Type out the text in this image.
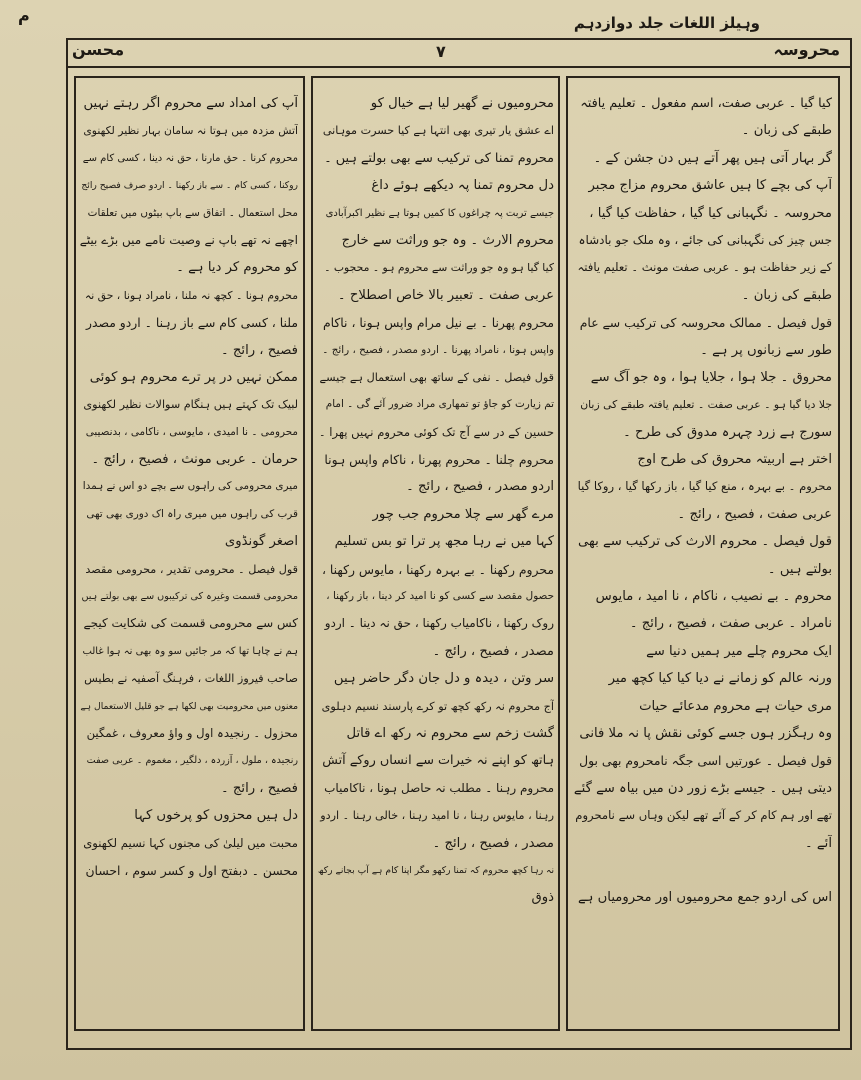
م	وہیلز اللغات جلد دوازدہم
محسن	۷	محروسہ
کیا گیا ۔ عربی صفت، اسم مفعول ۔ تعلیم یافتہ
طبقے کی زبان ۔
گر بہار آتی ہیں پھر آتے ہیں دن جشن کے ۔
آپ کی بچے کا ہیں عاشق محروم مزاج مجبر
محروسہ ۔ نگہبانی کیا گیا ، حفاظت کیا گیا ،
جس چیز کی نگہبانی کی جائے ، وہ ملک جو بادشاہ
کے زیر حفاظت ہو ۔ عربی صفت مونث ۔ تعلیم یافتہ
طبقے کی زبان ۔
قول فیصل ۔ ممالک محروسہ کی ترکیب سے عام
طور سے زبانوں پر ہے ۔
محروق ۔ جلا ہوا ، جلایا ہوا ، وہ جو آگ سے
جلا دیا گیا ہو ۔ عربی صفت ۔ تعلیم یافتہ طبقے کی زبان
سورج ہے زرد چہرہ مدوق کی طرح ۔
اختر ہے اربیتہ محروق کی طرح اوج
محروم ۔ بے بہرہ ، منع کیا گیا ، باز رکھا گیا ، روکا گیا
عربی صفت ، فصیح ، رائج ۔
قول فیصل ۔ محروم الارث کی ترکیب سے بھی
بولتے ہیں ۔
محروم ۔ بے نصیب ، ناکام ، نا امید ، مایوس
نامراد ۔ عربی صفت ، فصیح ، رائج ۔
ایک محروم چلے میر ہمیں دنیا سے
ورنہ عالم کو زمانے نے دیا کیا کیا کچھ میر
مری حیات ہے محروم مدعائے حیات
وہ رہگزر ہوں جسے کوئی نقش پا نہ ملا فانی
قول فیصل ۔ عورتیں اسی جگہ نامحروم بھی بول
دیتی ہیں ۔ جیسے بڑے زور دن میں بیاہ سے گئے
تھے اور ہم کام کر کے آئے تھے لیکن وہاں سے نامحروم
آئے ۔
اس کی اردو جمع محرومیوں اور محرومیاں ہے
محرومیوں نے گھیر لیا ہے خیال کو
اے عشق یار تیری بھی انتہا ہے کیا حسرت موہانی
محروم تمنا کی ترکیب سے بھی بولتے ہیں ۔
دل محروم تمنا پہ دیکھے ہوئے داغ
جیسے تربت پہ چراغوں کا کمیں ہوتا ہے نظیر اکبرآبادی
محروم الارث ۔ وہ جو وراثت سے خارج
کیا گیا ہو وہ جو وراثت سے محروم ہو ۔ محجوب ۔
عربی صفت ۔ تعبیر بالا خاص اصطلاح ۔
محروم پھرنا ۔ بے نیل مرام واپس ہونا ، ناکام
واپس ہونا ، نامراد پھرنا ۔ اردو مصدر ، فصیح ، رائج ۔
قول فیصل ۔ نفی کے ساتھ بھی استعمال ہے جیسے
تم زیارت کو جاؤ تو تمھاری مراد ضرور آئے گی ۔ امام
حسین کے در سے آج تک کوئی محروم نہیں پھرا ۔
محروم چلنا ۔ محروم پھرنا ، ناکام واپس ہونا
اردو مصدر ، فصیح ، رائج ۔
مرے گھر سے چلا محروم جب چور
کہا میں نے رہا مجھ پر ترا تو بس تسلیم
محروم رکھنا ۔ بے بہرہ رکھنا ، مایوس رکھنا ،
حصول مقصد سے کسی کو نا امید کر دینا ، باز رکھنا ،
روک رکھنا ، ناکامیاب رکھنا ، حق نہ دینا ۔ اردو
مصدر ، فصیح ، رائج ۔
سر وتن ، دیدہ و دل جان دگر حاضر ہیں
آج محروم نہ رکھ کچھ تو کرے پارسند نسیم دہلوی
گشت زخم سے محروم نہ رکھ اے قاتل
ہاتھ کو اپنے نہ خیرات سے انساں روکے آتش
محروم رہنا ۔ مطلب نہ حاصل ہونا ، ناکامیاب
رہنا ، مایوس رہنا ، نا امید رہنا ، خالی رہنا ۔ اردو
مصدر ، فصیح ، رائج ۔
نہ رہا کچھ محروم کہ تمنا رکھو مگر اپنا کام ہے آپ بجانے رکھ
ذوق
آپ کی امداد سے محروم اگر رہتے نہیں
آتش مزدہ میں ہوتا نہ سامان بہار نظیر لکھنوی
محروم کرنا ۔ حق مارنا ، حق نہ دینا ، کسی کام سے
روکنا ، کسی کام ۔ سے باز رکھنا ۔ اردو صرف فصیح رائج
محل استعمال ۔ اتفاق سے باپ بیٹوں میں تعلقات
اچھے نہ تھے باپ نے وصیت نامے میں بڑے بیٹے
کو محروم کر دیا ہے ۔
محروم ہونا ۔ کچھ نہ ملنا ، نامراد ہونا ، حق نہ
ملنا ، کسی کام سے باز رہنا ۔ اردو مصدر
فصیح ، رائج ۔
ممکن نہیں در پر ترے محروم ہو کوئی
لبیک تک کہتے ہیں ہنگام سوالات نظیر لکھنوی
محرومی ۔ نا امیدی ، مایوسی ، ناکامی ، بدنصیبی
حرمان ۔ عربی مونث ، فصیح ، رائج ۔
میری محرومی کی راہوں سے بچے دو اس نے ہمدا
قرب کی راہوں میں میری راہ اک دوری بھی تھی
اصغر گونڈوی
قول فیصل ۔ محرومی تقدیر ، محرومی مقصد
محرومی قسمت وغیرہ کی ترکیبوں سے بھی بولتے ہیں
کس سے محرومی قسمت کی شکایت کیجے
ہم نے چاہا تھا کہ مر جائیں سو وہ بھی نہ ہوا غالب
صاحب فیروز اللغات ، فرہنگ آصفیہ نے بطیس
معنوں میں محرومیت بھی لکھا ہے جو قلیل الاستعمال ہے
محزول ۔ رنجیدہ اول و واؤ معروف ، غمگین
رنجیدہ ، ملول ، آزردہ ، دلگیر ، مغموم ۔ عربی صفت
فصیح ، رائج ۔
دل ہیں محزوں کو پرخوں کہا
محبت میں لیلیٰ کی مجنوں کہا نسیم لکھنوی
محسن ۔ دبفتح اول و کسر سوم ، احسان
